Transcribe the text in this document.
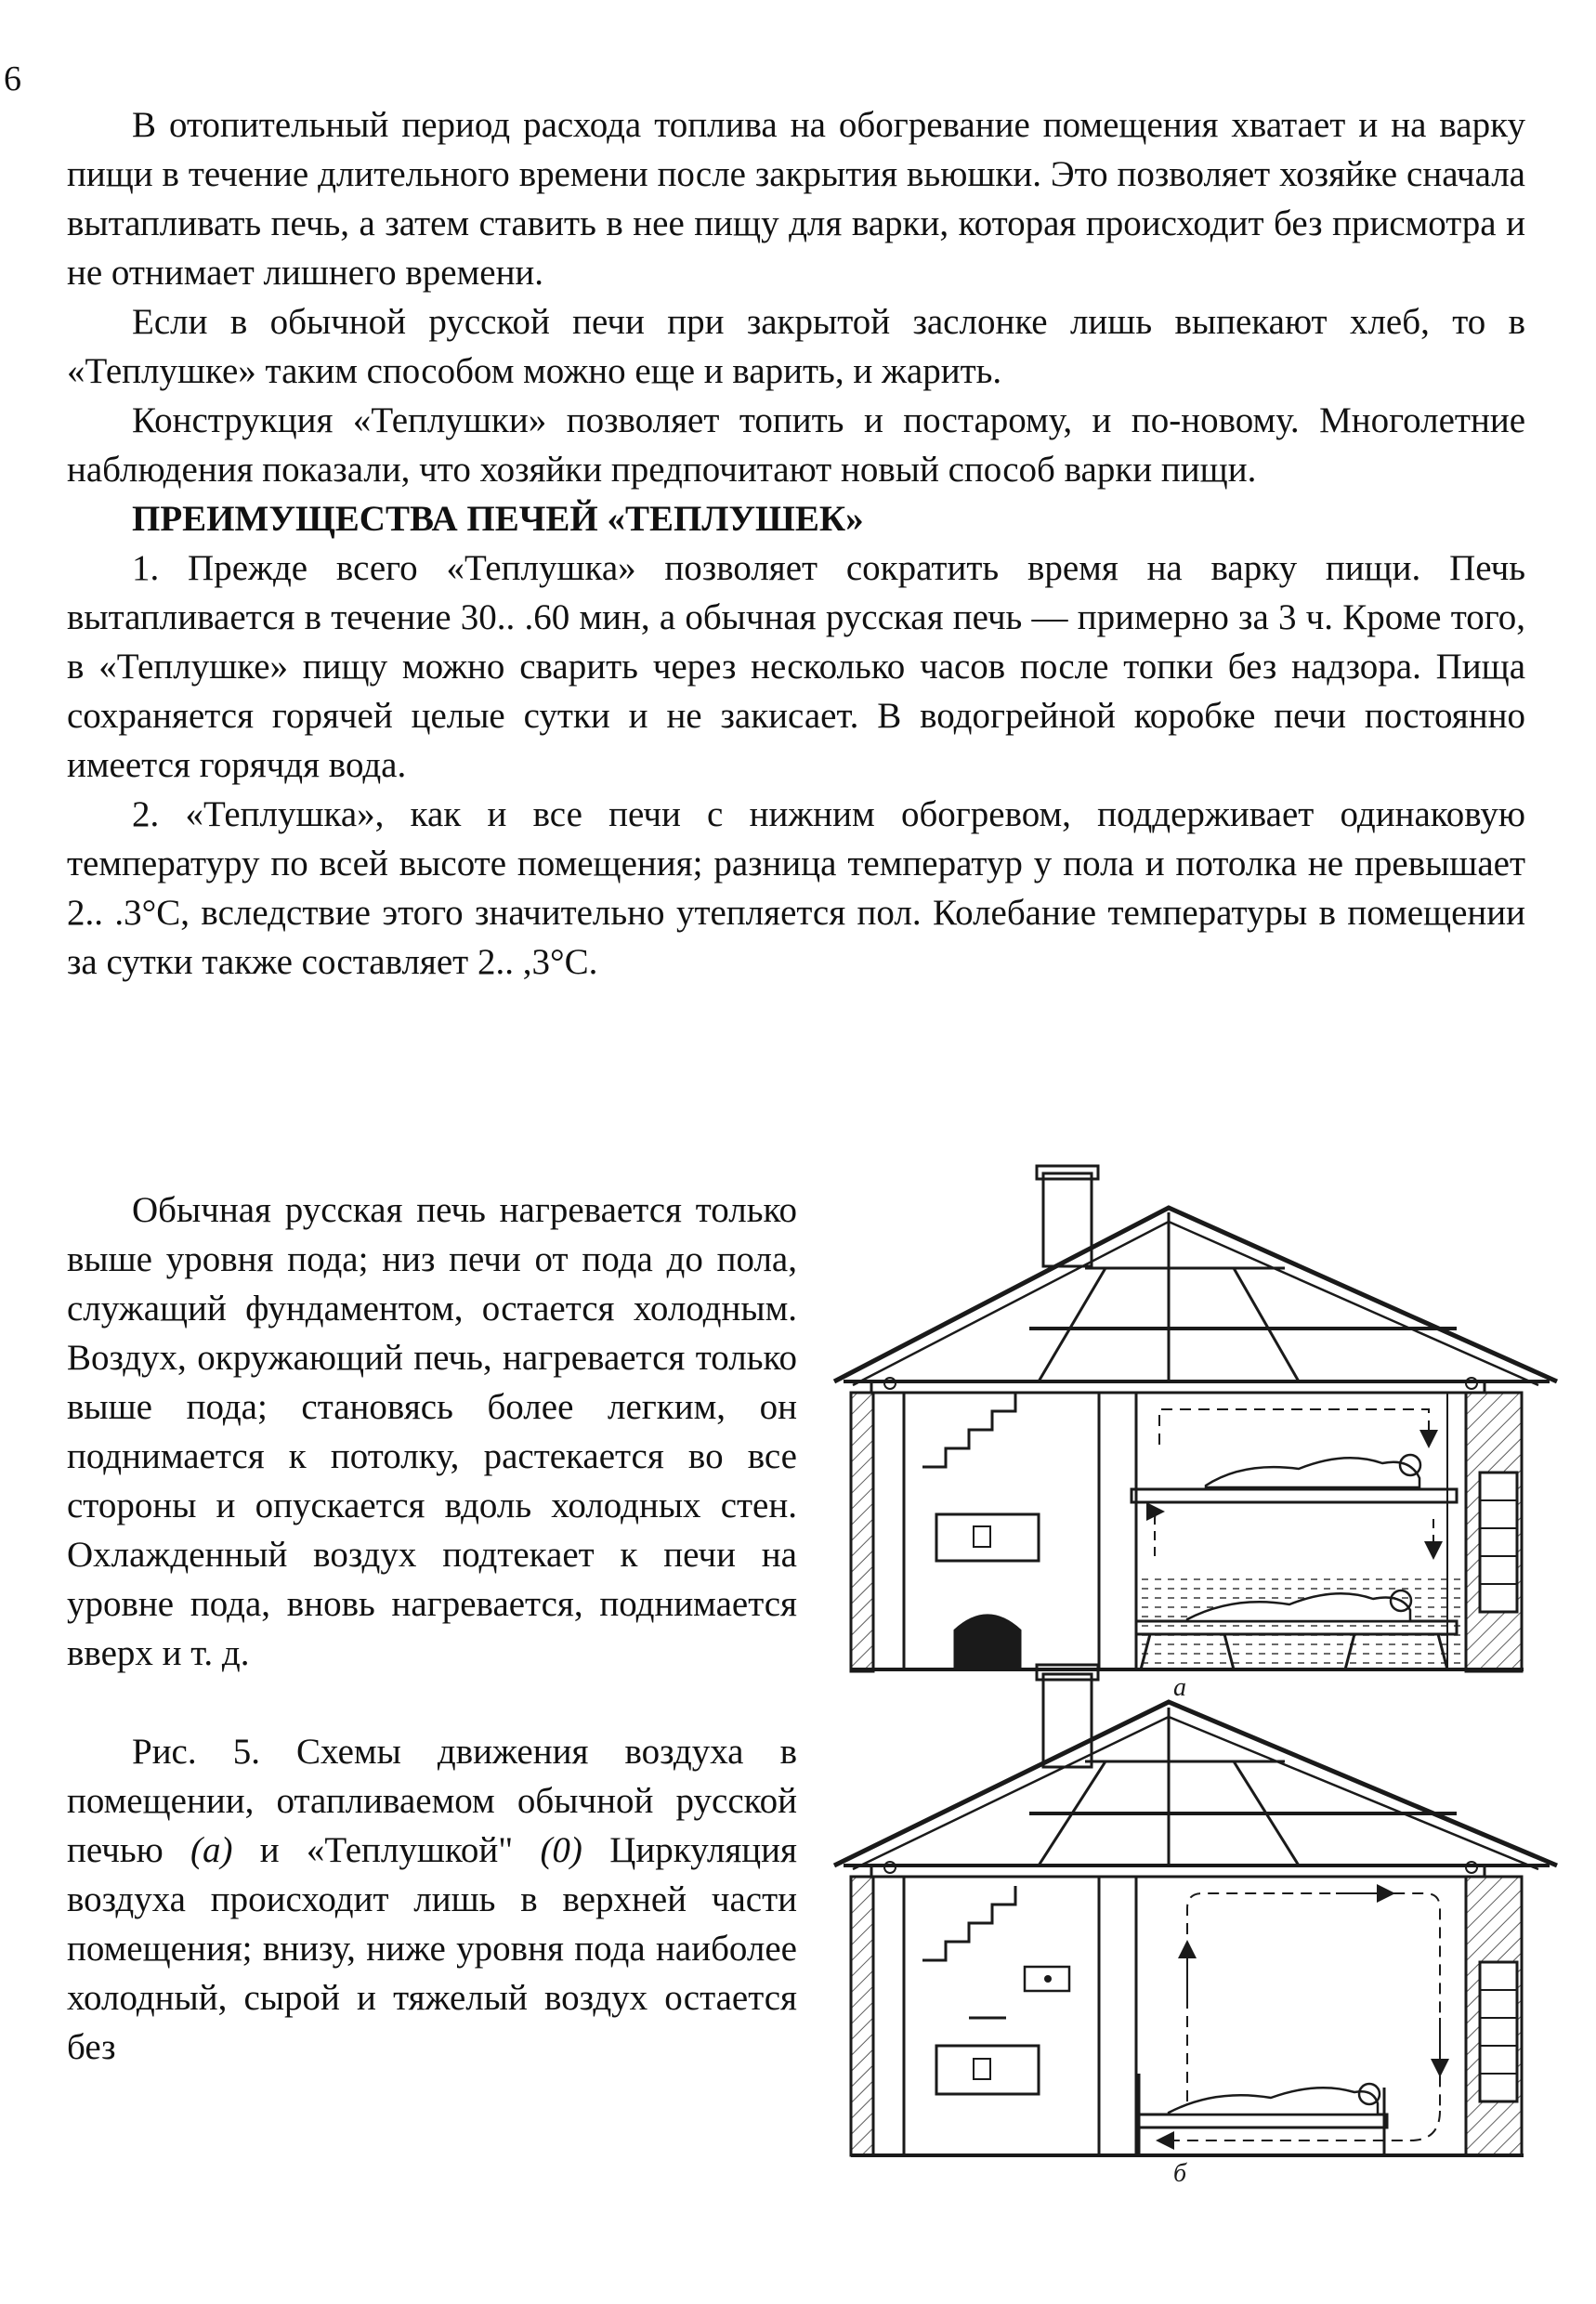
6

В отопительный период расхода топлива на обогревание помещения хватает и на варку пищи в течение длительного времени после закрытия вьюшки. Это позволяет хозяйке сначала вытапливать печь, а затем ставить в нее пищу для варки, которая происходит без присмотра и не отнимает лишнего времени.

Если в обычной русской печи при закрытой заслонке лишь выпекают хлеб, то в «Теплушке» таким способом можно еще и варить, и жарить.

Конструкция «Теплушки» позволяет топить и постарому, и по-новому. Многолетние наблюдения показали, что хозяйки предпочитают новый способ варки пищи.

ПРЕИМУЩЕСТВА ПЕЧЕЙ «ТЕПЛУШЕК»

1. Прежде всего «Теплушка» позволяет сократить время на варку пищи. Печь вытапливается в течение 30.. .60 мин, а обычная русская печь — примерно за 3 ч. Кроме того, в «Теплушке» пищу можно сварить через несколько часов после топки без надзора. Пища сохраняется горячей целые сутки и не закисает. В водогрейной коробке печи постоянно имеется горячдя вода.

2. «Теплушка», как и все печи с нижним обогревом, поддерживает одинаковую температуру по всей высоте помещения; разница температур у пола и потолка не превышает 2.. .3°С, вследствие этого значительно утепляется пол. Колебание температуры в помещении за сутки также составляет 2.. ,3°С.

Обычная русская печь нагревается только выше уровня пода; низ печи от пода до пола, служащий фундаментом, остается холодным. Воздух, окружающий печь, нагревается только выше пода; становясь более легким, он поднимается к потолку, растекается во все стороны и опускается вдоль холодных стен. Охлажденный воздух подтекает к печи на уровне пода, вновь нагревается, поднимается вверх и т. д.

Рис. 5. Схемы движения воздуха в помещении, отапливаемом обычной русской печью (а) и «Теплушкой" (0) Циркуляция воздуха происходит лишь в верхней части помещения; внизу, ниже уровня пода наиболее холодный, сырой и тяжелый воздух остается без

а
б
